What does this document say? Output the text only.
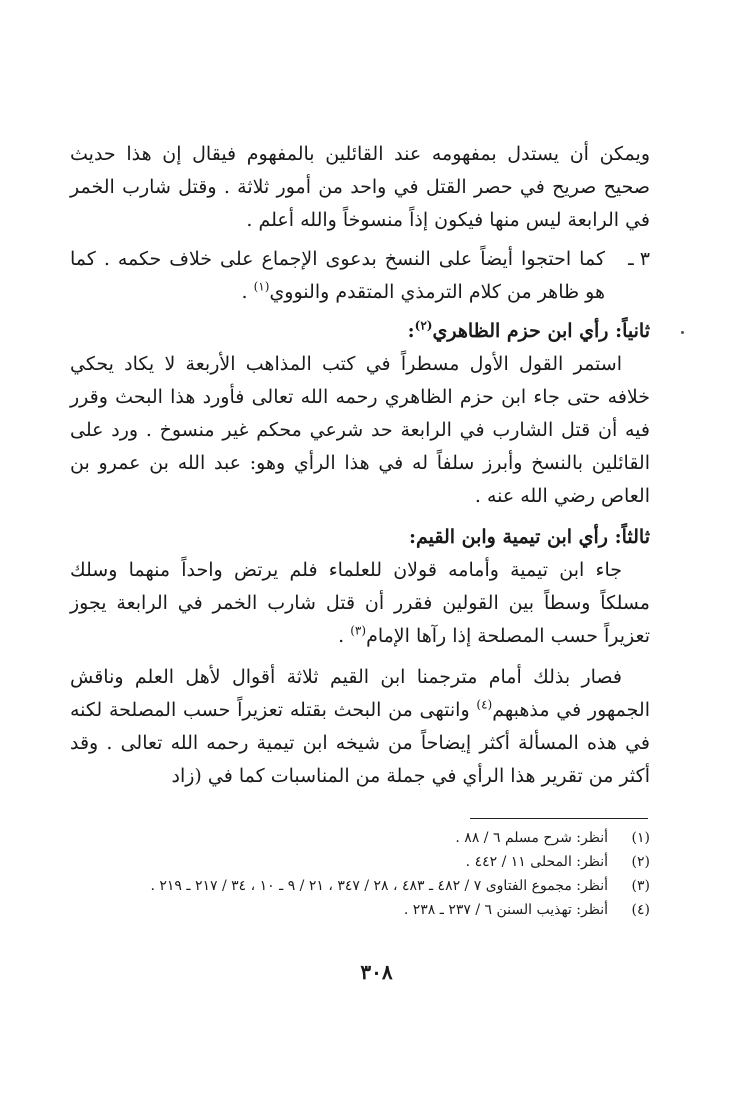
ويمكن أن يستدل بمفهومه عند القائلين بالمفهوم فيقال إن هذا حديث صحيح صريح في حصر القتل في واحد من أمور ثلاثة . وقتل شارب الخمر في الرابعة ليس منها فيكون إذاً منسوخاً والله أعلم .

٣ ـ
كما احتجوا أيضاً على النسخ بدعوى الإجماع على خلاف حكمه . كما هو ظاهر من كلام الترمذي المتقدم والنووي$^{(١)}$ .

ثانياً: رأي ابن حزم الظاهري$^{(٢)}$:

استمر القول الأول مسطراً في كتب المذاهب الأربعة لا يكاد يحكي خلافه حتى جاء ابن حزم الظاهري رحمه الله تعالى فأورد هذا البحث وقرر فيه أن قتل الشارب في الرابعة حد شرعي محكم غير منسوخ . ورد على القائلين بالنسخ وأبرز سلفاً له في هذا الرأي وهو: عبد الله بن عمرو بن العاص رضي الله عنه .

ثالثاً: رأي ابن تيمية وابن القيم:

جاء ابن تيمية وأمامه قولان للعلماء فلم يرتض واحداً منهما وسلك مسلكاً وسطاً بين القولين فقرر أن قتل شارب الخمر في الرابعة يجوز تعزيراً حسب المصلحة إذا رآها الإمام$^{(٣)}$ .

فصار بذلك أمام مترجمنا ابن القيم ثلاثة أقوال لأهل العلم وناقش الجمهور في مذهبهم$^{(٤)}$ وانتهى من البحث بقتله تعزيراً حسب المصلحة لكنه في هذه المسألة أكثر إيضاحاً من شيخه ابن تيمية رحمه الله تعالى . وقد أكثر من تقرير هذا الرأي في جملة من المناسبات كما في (زاد

(١)
أنظر: شرح مسلم ٦ / ٨٨ .

(٢)
أنظر: المحلى ١١ / ٤٤٢ .

(٣)
أنظر: مجموع الفتاوى ٧ / ٤٨٢ ـ ٤٨٣ ، ٢٨ / ٣٤٧ ، ٢١ / ٩ ـ ١٠ ، ٣٤ / ٢١٧ ـ ٢١٩ .

(٤)
أنظر: تهذيب السنن ٦ / ٢٣٧ ـ ٢٣٨ .

٣٠٨
